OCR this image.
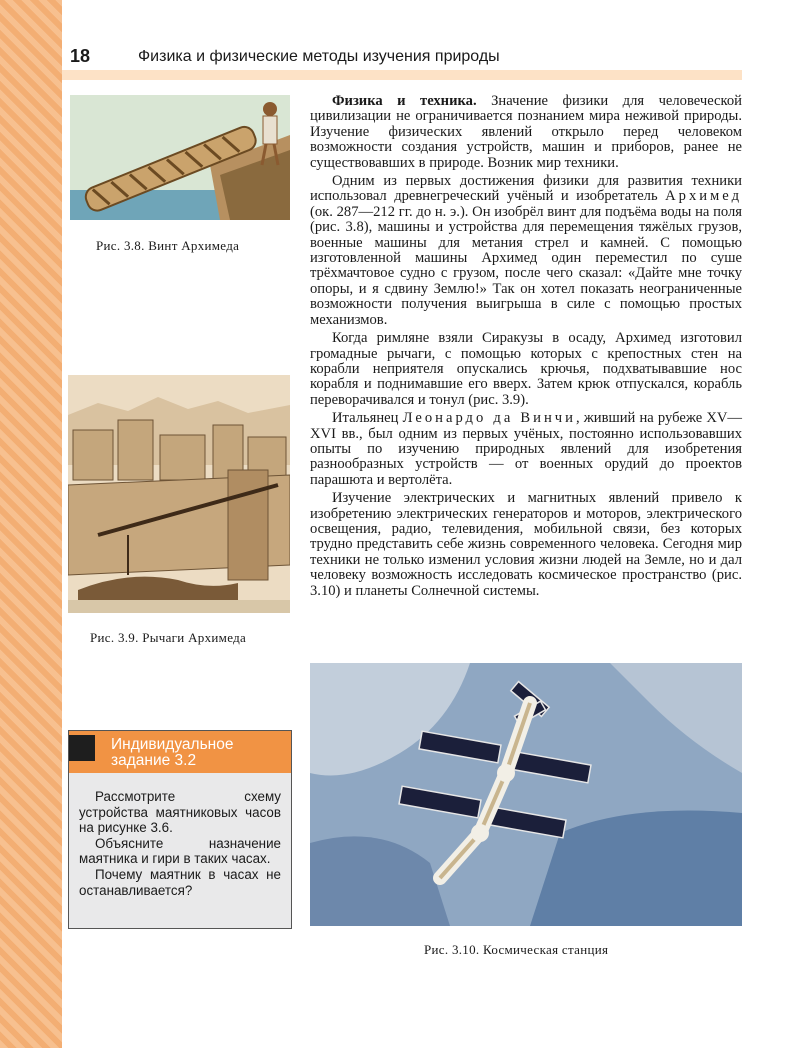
18	Физика и физические методы изучения природы
Рис. 3.8. Винт Архимеда
Рис. 3.9. Рычаги Архимеда
Индивидуальное
задание 3.2

Рассмотрите схему устройства маятниковых часов на рисунке 3.6.

Объясните назначение маятника и гири в таких часах.

Почему маятник в часах не останавливается?

Физика и техника. Значение физики для человеческой цивилизации не ограничивается познанием мира неживой природы. Изучение физических явлений открыло перед человеком возможности создания устройств, машин и приборов, ранее не существовавших в природе. Возник мир техники.

Одним из первых достижения физики для развития техники использовал древнегреческий учёный и изобретатель Архимед (ок. 287—212 гг. до н. э.). Он изобрёл винт для подъёма воды на поля (рис. 3.8), машины и устройства для перемещения тяжёлых грузов, военные машины для метания стрел и камней. С помощью изготовленной машины Архимед один переместил по суше трёхмачтовое судно с грузом, после чего сказал: «Дайте мне точку опоры, и я сдвину Землю!» Так он хотел показать неограниченные возможности получения выигрыша в силе с помощью простых механизмов.

Когда римляне взяли Сиракузы в осаду, Архимед изготовил громадные рычаги, с помощью которых с крепостных стен на корабли неприятеля опускались крючья, подхватывавшие нос корабля и поднимавшие его вверх. Затем крюк отпускался, корабль переворачивался и тонул (рис. 3.9).

Итальянец Леонардо да Винчи, живший на рубеже XV—XVI вв., был одним из первых учёных, постоянно использовавших опыты по изучению природных явлений для изобретения разнообразных устройств — от военных орудий до проектов парашюта и вертолёта.

Изучение электрических и магнитных явлений привело к изобретению электрических генераторов и моторов, электрического освещения, радио, телевидения, мобильной связи, без которых трудно представить себе жизнь современного человека. Сегодня мир техники не только изменил условия жизни людей на Земле, но и дал человеку возможность исследовать космическое пространство (рис. 3.10) и планеты Солнечной системы.

Рис. 3.10. Космическая станция
